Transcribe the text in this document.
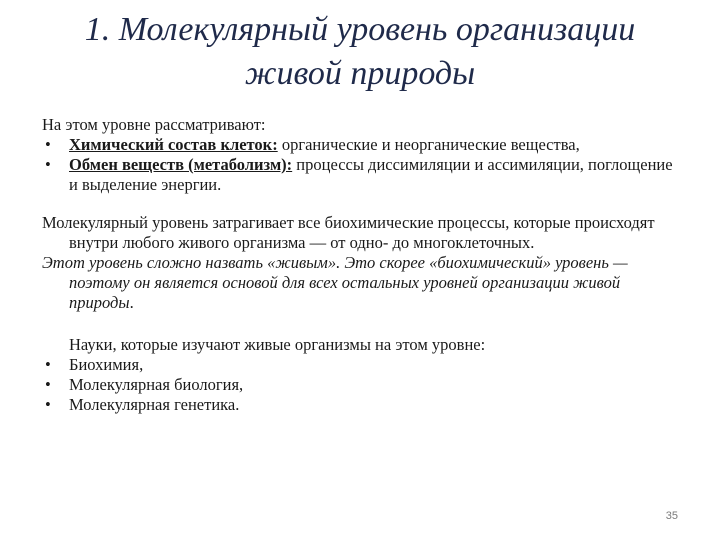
1. Молекулярный уровень организации
живой природы

На этом уровне рассматривают:

• Химический состав клеток: органические и неорганические вещества,
• Обмен веществ (метаболизм): процессы диссимиляции и ассимиляции, поглощение и выделение энергии.

Молекулярный уровень затрагивает все биохимические процессы, которые происходят внутри любого живого организма — от одно- до многоклеточных.

Этот уровень сложно назвать «живым». Это скорее «биохимический» уровень — поэтому он является основой для всех остальных уровней организации живой природы.

Науки, которые изучают живые организмы на этом уровне:

• Биохимия,
• Молекулярная биология,
• Молекулярная генетика.
35
